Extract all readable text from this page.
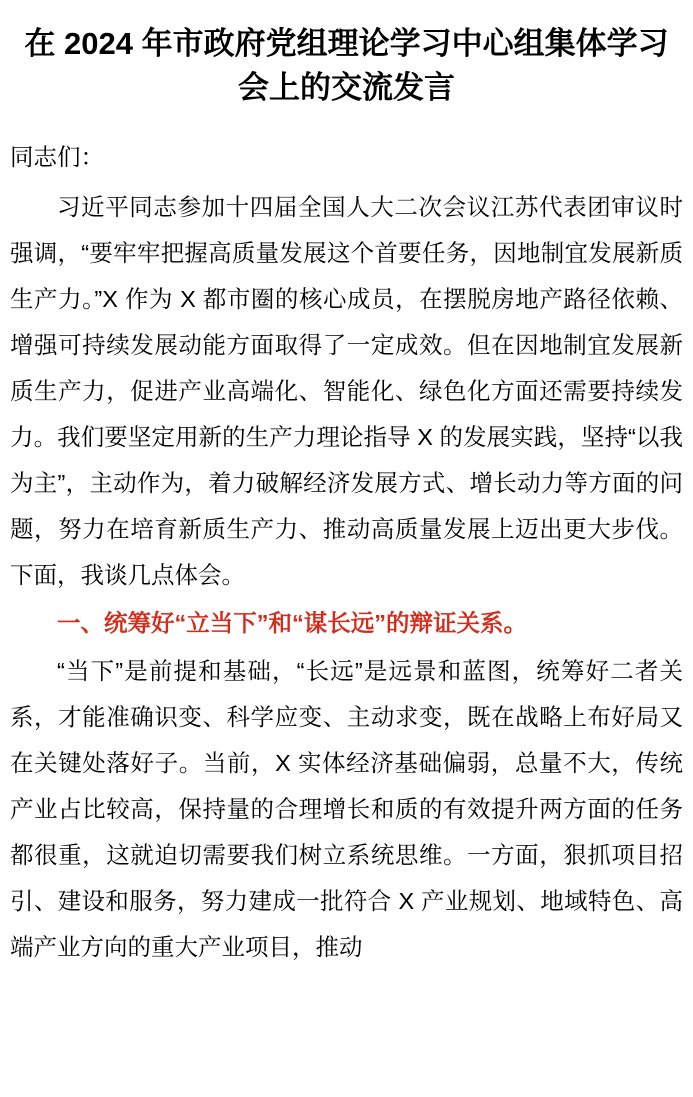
在 2024 年市政府党组理论学习中心组集体学习会上的交流发言

同志们：

习近平同志参加十四届全国人大二次会议江苏代表团审议时强调，“要牢牢把握高质量发展这个首要任务，因地制宜发展新质生产力。”X 作为 X 都市圈的核心成员，在摆脱房地产路径依赖、增强可持续发展动能方面取得了一定成效。但在因地制宜发展新质生产力，促进产业高端化、智能化、绿色化方面还需要持续发力。我们要坚定用新的生产力理论指导 X 的发展实践，坚持“以我为主”，主动作为，着力破解经济发展方式、增长动力等方面的问题，努力在培育新质生产力、推动高质量发展上迈出更大步伐。下面，我谈几点体会。

一、统筹好“立当下”和“谋长远”的辩证关系。

“当下”是前提和基础，“长远”是远景和蓝图，统筹好二者关系，才能准确识变、科学应变、主动求变，既在战略上布好局又在关键处落好子。当前，X 实体经济基础偏弱，总量不大，传统产业占比较高，保持量的合理增长和质的有效提升两方面的任务都很重，这就迫切需要我们树立系统思维。一方面，狠抓项目招引、建设和服务，努力建成一批符合 X 产业规划、地域特色、高端产业方向的重大产业项目，推动
